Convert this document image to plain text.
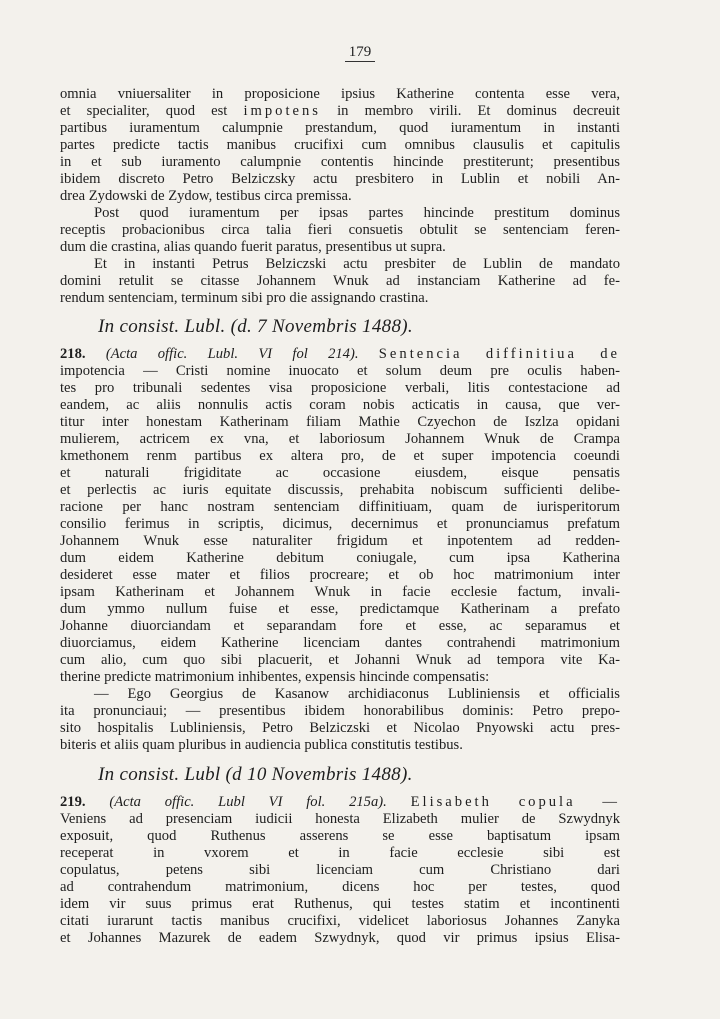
179
omnia vniuersaliter in proposicione ipsius Katherine contenta esse vera,
et specialiter, quod est impotens in membro virili. Et dominus decreuit
partibus iuramentum calumpnie prestandum, quod iuramentum in instanti
partes predicte tactis manibus crucifixi cum omnibus clausulis et capitulis
in et sub iuramento calumpnie contentis hincinde prestiterunt; presentibus
ibidem discreto Petro Belziczsky actu presbitero in Lublin et nobili An-
drea Zydowski de Zydow, testibus circa premissa.
Post quod iuramentum per ipsas partes hincinde prestitum dominus
receptis probacionibus circa talia fieri consuetis obtulit se sentenciam feren-
dum die crastina, alias quando fuerit paratus, presentibus ut supra.
Et in instanti Petrus Belziczski actu presbiter de Lublin de mandato
domini retulit se citasse Johannem Wnuk ad instanciam Katherine ad fe-
rendum sentenciam, terminum sibi pro die assignando crastina.
In consist. Lubl. (d. 7 Novembris 1488).
218. (Acta offic. Lubl. VI fol 214). Sentencia diffinitiua de
impotencia — Cristi nomine inuocato et solum deum pre oculis haben-
tes pro tribunali sedentes visa proposicione verbali, litis contestacione ad
eandem, ac aliis nonnulis actis coram nobis acticatis in causa, que ver-
titur inter honestam Katherinam filiam Mathie Czyechon de Iszlza opidani
mulierem, actricem ex vna, et laboriosum Johannem Wnuk de Crampa
kmethonem renm partibus ex altera pro, de et super impotencia coeundi
et naturali frigiditate ac occasione eiusdem, eisque pensatis
et perlectis ac iuris equitate discussis, prehabita nobiscum sufficienti delibe-
racione per hanc nostram sentenciam diffinitiuam, quam de iurisperitorum
consilio ferimus in scriptis, dicimus, decernimus et pronunciamus prefatum
Johannem Wnuk esse naturaliter frigidum et inpotentem ad redden-
dum eidem Katherine debitum coniugale, cum ipsa Katherina
desideret esse mater et filios procreare; et ob hoc matrimonium inter
ipsam Katherinam et Johannem Wnuk in facie ecclesie factum, invali-
dum ymmo nullum fuise et esse, predictamque Katherinam a prefato
Johanne diuorciandam et separandam fore et esse, ac separamus et
diuorciamus, eidem Katherine licenciam dantes contrahendi matrimonium
cum alio, cum quo sibi placuerit, et Johanni Wnuk ad tempora vite Ka-
therine predicte matrimonium inhibentes, expensis hincinde compensatis:
— Ego Georgius de Kasanow archidiaconus Lubliniensis et officialis
ita pronunciaui; — presentibus ibidem honorabilibus dominis: Petro prepo-
sito hospitalis Lubliniensis, Petro Belziczski et Nicolao Pnyowski actu pres-
biteris et aliis quam pluribus in audiencia publica constitutis testibus.
In consist. Lubl (d 10 Novembris 1488).
219. (Acta offic. Lubl VI fol. 215a). Elisabeth copula —
Veniens ad presenciam iudicii honesta Elizabeth mulier de Szwydnyk
exposuit, quod Ruthenus asserens se esse baptisatum ipsam
receperat in vxorem et in facie ecclesie sibi est
copulatus, petens sibi licenciam cum Christiano dari
ad contrahendum matrimonium, dicens hoc per testes, quod
idem vir suus primus erat Ruthenus, qui testes statim et incontinenti
citati iurarunt tactis manibus crucifixi, videlicet laboriosus Johannes Zanyka
et Johannes Mazurek de eadem Szwydnyk, quod vir primus ipsius Elisa-
